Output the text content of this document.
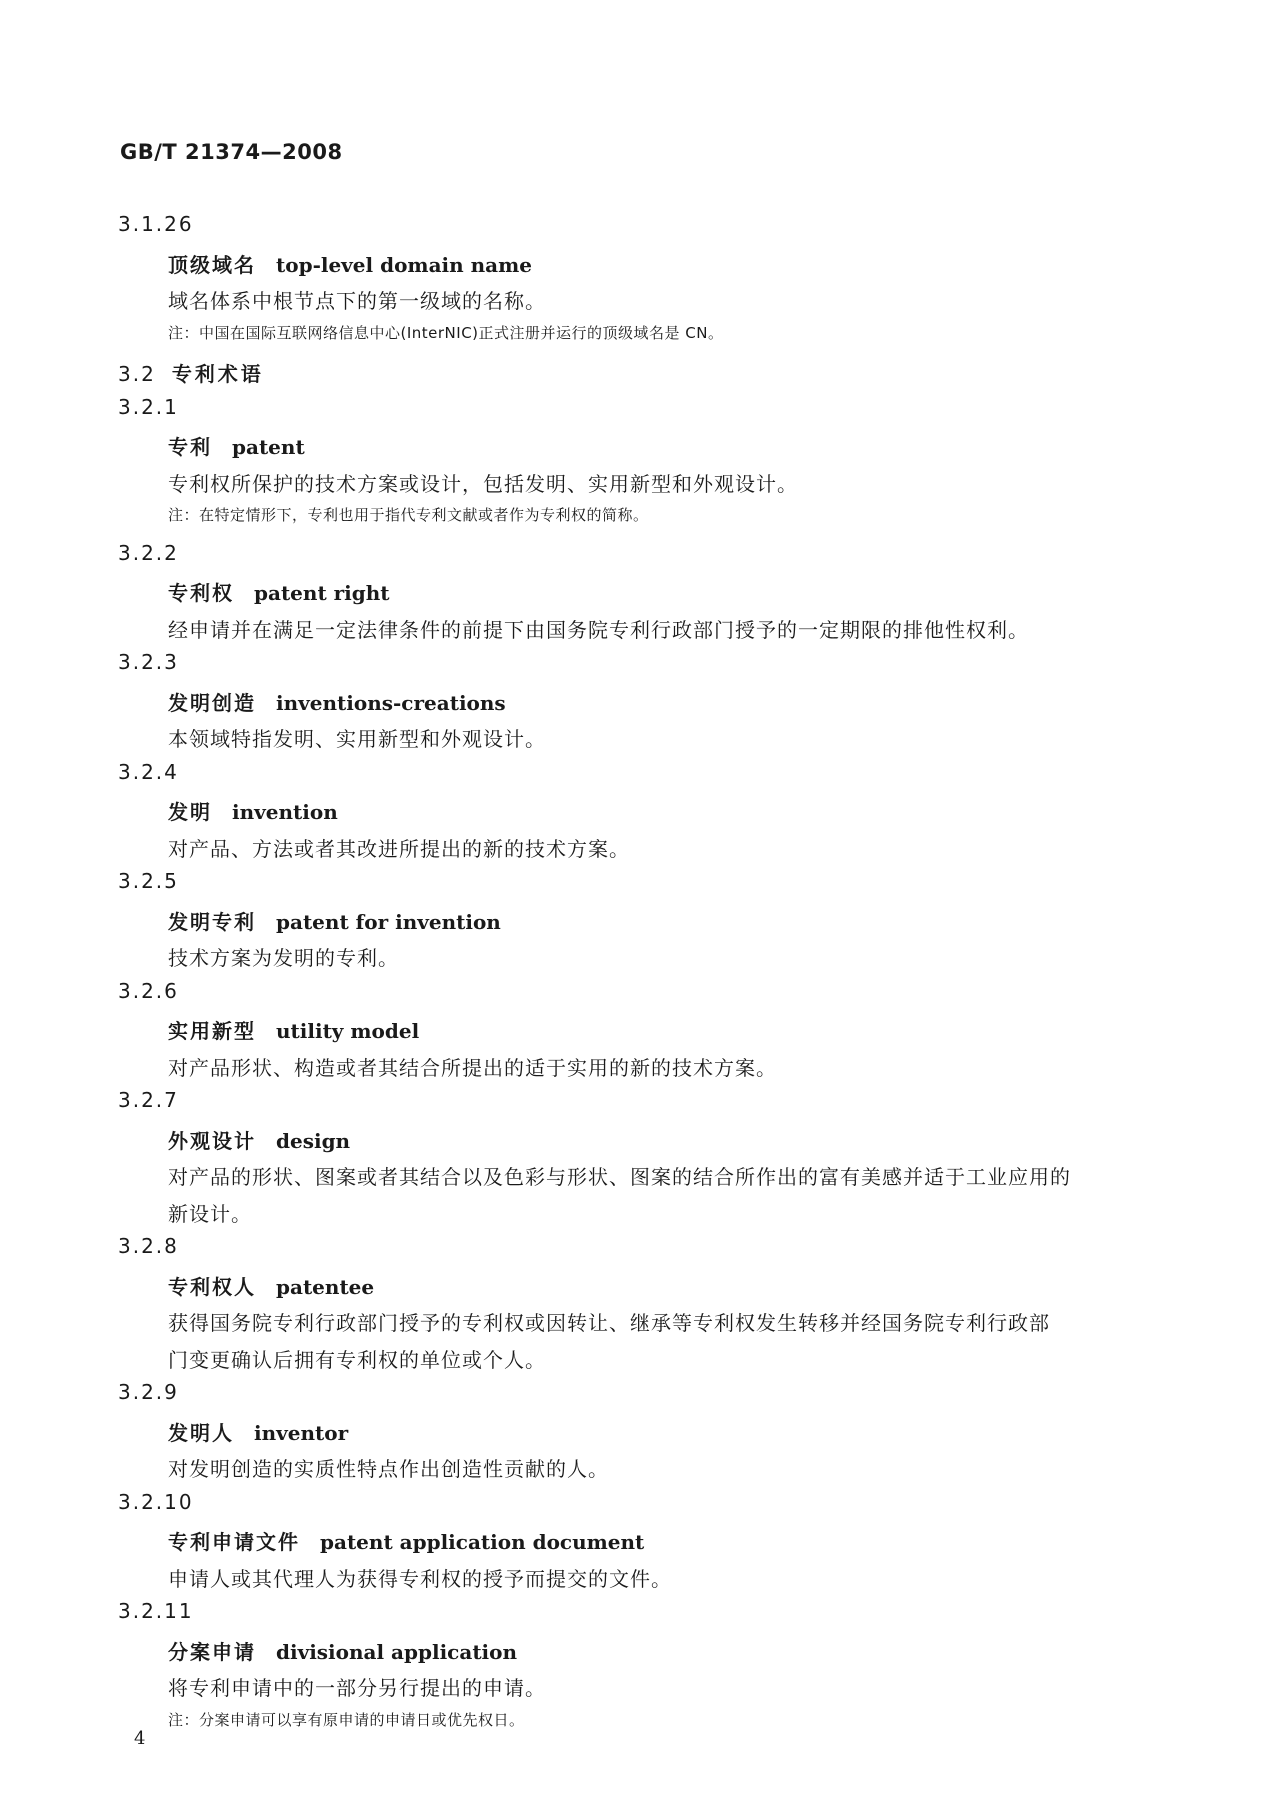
GB/T 21374—2008
3.1.26
顶级域名 top-level domain name
域名体系中根节点下的第一级域的名称。
注：中国在国际互联网络信息中心(InterNIC)正式注册并运行的顶级域名是 CN。
3.2 专利术语
3.2.1
专利 patent
专利权所保护的技术方案或设计，包括发明、实用新型和外观设计。
注：在特定情形下，专利也用于指代专利文献或者作为专利权的简称。
3.2.2
专利权 patent right
经申请并在满足一定法律条件的前提下由国务院专利行政部门授予的一定期限的排他性权利。
3.2.3
发明创造 inventions-creations
本领域特指发明、实用新型和外观设计。
3.2.4
发明 invention
对产品、方法或者其改进所提出的新的技术方案。
3.2.5
发明专利 patent for invention
技术方案为发明的专利。
3.2.6
实用新型 utility model
对产品形状、构造或者其结合所提出的适于实用的新的技术方案。
3.2.7
外观设计 design
对产品的形状、图案或者其结合以及色彩与形状、图案的结合所作出的富有美感并适于工业应用的
新设计。
3.2.8
专利权人 patentee
获得国务院专利行政部门授予的专利权或因转让、继承等专利权发生转移并经国务院专利行政部
门变更确认后拥有专利权的单位或个人。
3.2.9
发明人 inventor
对发明创造的实质性特点作出创造性贡献的人。
3.2.10
专利申请文件 patent application document
申请人或其代理人为获得专利权的授予而提交的文件。
3.2.11
分案申请 divisional application
将专利申请中的一部分另行提出的申请。
注：分案申请可以享有原申请的申请日或优先权日。
4
